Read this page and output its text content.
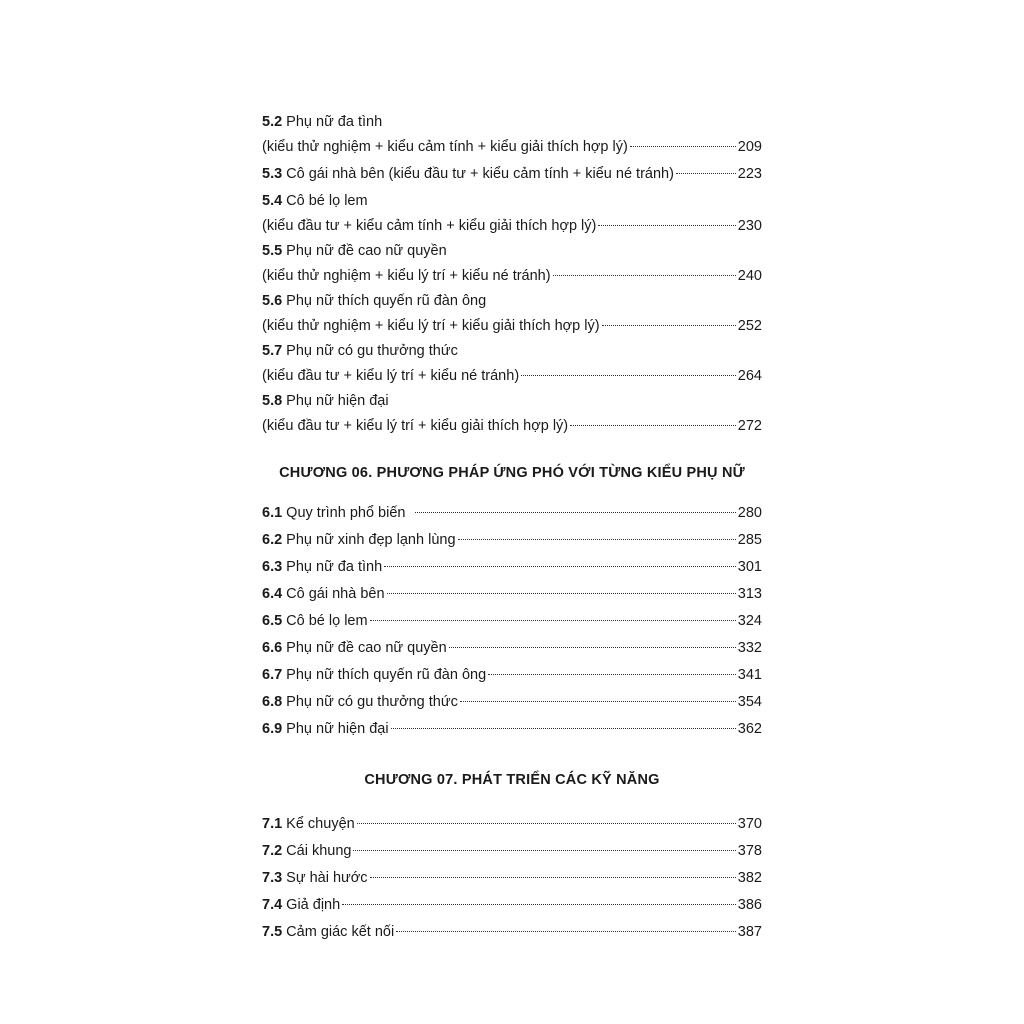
5.2 Phụ nữ đa tình
(kiểu thử nghiệm + kiểu cảm tính + kiểu giải thích hợp lý)	209
5.3 Cô gái nhà bên (kiểu đầu tư + kiểu cảm tính + kiểu né tránh)	223
5.4 Cô bé lọ lem
(kiểu đầu tư + kiểu cảm tính + kiểu giải thích hợp lý)	230
5.5 Phụ nữ đề cao nữ quyền
(kiểu thử nghiệm + kiểu lý trí + kiểu né tránh)	240
5.6 Phụ nữ thích quyến rũ đàn ông
(kiểu thử nghiệm + kiểu lý trí + kiểu giải thích hợp lý)	252
5.7 Phụ nữ có gu thưởng thức
(kiểu đầu tư + kiểu lý trí + kiểu né tránh)	264
5.8 Phụ nữ hiện đại
(kiểu đầu tư + kiểu lý trí + kiểu giải thích hợp lý)	272
CHƯƠNG 06. PHƯƠNG PHÁP ỨNG PHÓ VỚI TỪNG KIỂU PHỤ NỮ
6.1 Quy trình phổ biến	280
6.2 Phụ nữ xinh đẹp lạnh lùng	285
6.3 Phụ nữ đa tình	301
6.4 Cô gái nhà bên	313
6.5 Cô bé lọ lem	324
6.6 Phụ nữ đề cao nữ quyền	332
6.7 Phụ nữ thích quyến rũ đàn ông	341
6.8 Phụ nữ có gu thưởng thức	354
6.9 Phụ nữ hiện đại	362
CHƯƠNG 07. PHÁT TRIỂN CÁC KỸ NĂNG
7.1 Kể chuyện	370
7.2 Cái khung	378
7.3 Sự hài hước	382
7.4 Giả định	386
7.5 Cảm giác kết nối	387
